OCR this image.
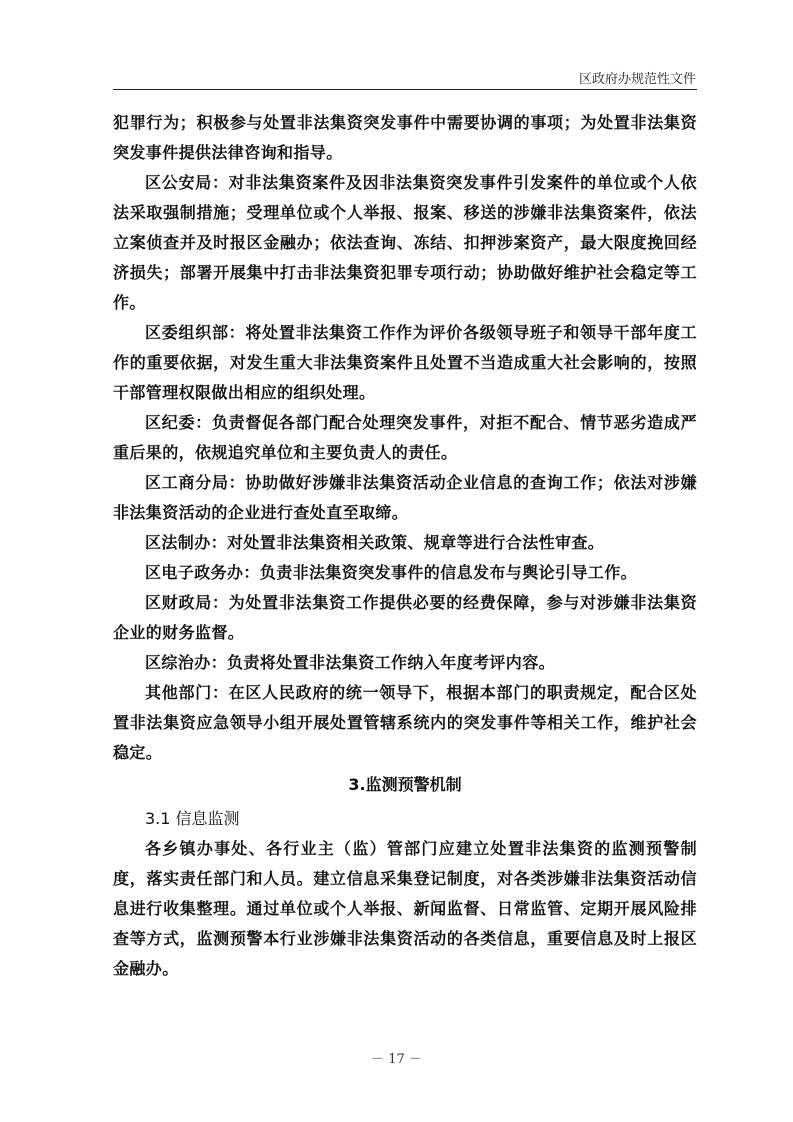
区政府办规范性文件

犯罪行为；积极参与处置非法集资突发事件中需要协调的事项；为处置非法集资突发事件提供法律咨询和指导。

区公安局：对非法集资案件及因非法集资突发事件引发案件的单位或个人依法采取强制措施；受理单位或个人举报、报案、移送的涉嫌非法集资案件，依法立案侦查并及时报区金融办；依法查询、冻结、扣押涉案资产，最大限度挽回经济损失；部署开展集中打击非法集资犯罪专项行动；协助做好维护社会稳定等工作。

区委组织部：将处置非法集资工作作为评价各级领导班子和领导干部年度工作的重要依据，对发生重大非法集资案件且处置不当造成重大社会影响的，按照干部管理权限做出相应的组织处理。

区纪委：负责督促各部门配合处理突发事件，对拒不配合、情节恶劣造成严重后果的，依规追究单位和主要负责人的责任。

区工商分局：协助做好涉嫌非法集资活动企业信息的查询工作；依法对涉嫌非法集资活动的企业进行查处直至取缔。

区法制办：对处置非法集资相关政策、规章等进行合法性审查。

区电子政务办：负责非法集资突发事件的信息发布与舆论引导工作。

区财政局：为处置非法集资工作提供必要的经费保障，参与对涉嫌非法集资企业的财务监督。

区综治办：负责将处置非法集资工作纳入年度考评内容。

其他部门：在区人民政府的统一领导下，根据本部门的职责规定，配合区处置非法集资应急领导小组开展处置管辖系统内的突发事件等相关工作，维护社会稳定。

3.监测预警机制
3.1 信息监测

各乡镇办事处、各行业主（监）管部门应建立处置非法集资的监测预警制度，落实责任部门和人员。建立信息采集登记制度，对各类涉嫌非法集资活动信息进行收集整理。通过单位或个人举报、新闻监督、日常监管、定期开展风险排查等方式，监测预警本行业涉嫌非法集资活动的各类信息，重要信息及时上报区金融办。

－ 17 －
